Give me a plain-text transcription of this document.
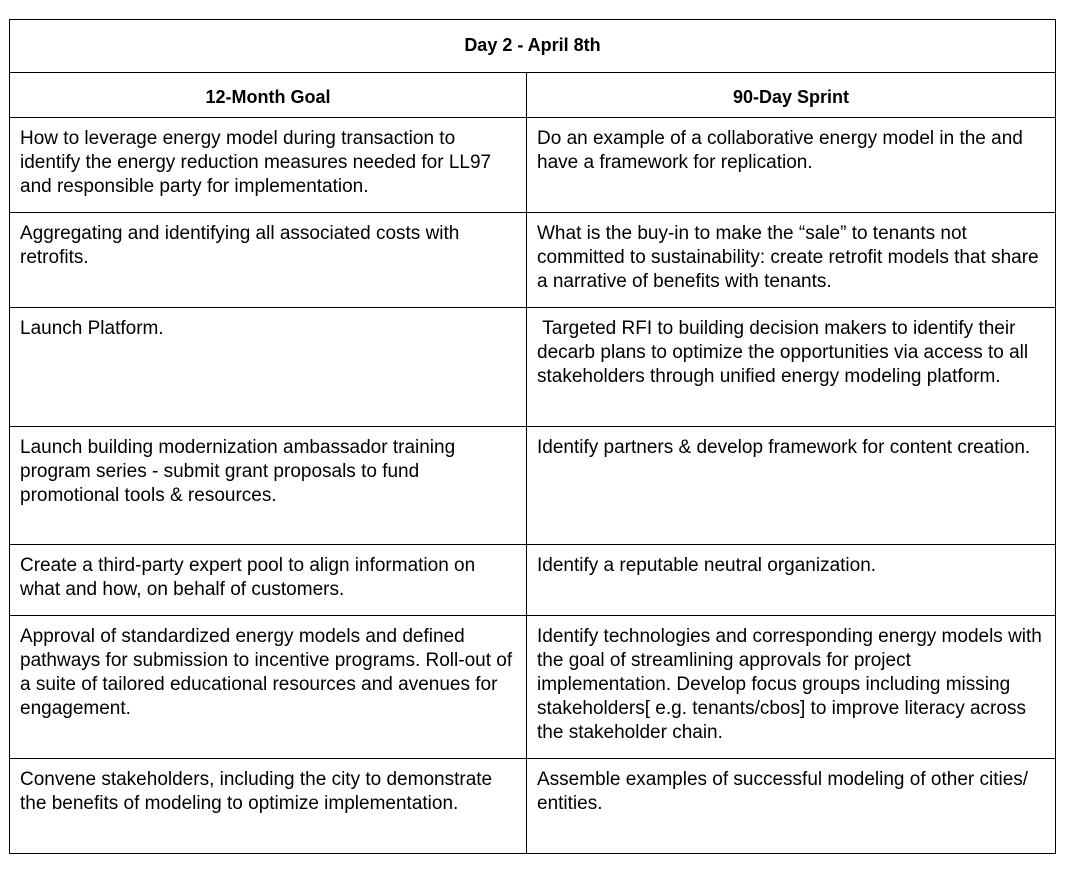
Day 2 - April 8th	
12-Month Goal	90-Day Sprint
How to leverage energy model during transaction to identify the energy reduction measures needed for LL97 and responsible party for implementation.	Do an example of a collaborative energy model in the and have a framework for replication.
Aggregating and identifying all associated costs with retrofits.	What is the buy-in to make the “sale” to tenants not committed to sustainability: create retrofit models that share a narrative of benefits with tenants.
Launch Platform.	Targeted RFI to building decision makers to identify their decarb plans to optimize the opportunities via access to all stakeholders through unified energy modeling platform.
Launch building modernization ambassador training program series - submit grant proposals to fund promotional tools & resources.	Identify partners & develop framework for content creation.
Create a third-party expert pool to align information on what and how, on behalf of customers.	Identify a reputable neutral organization.
Approval of standardized energy models and defined pathways for submission to incentive programs. Roll-out of a suite of tailored educational resources and avenues for engagement.	Identify technologies and corresponding energy models with the goal of streamlining approvals for project implementation. Develop focus groups including missing stakeholders[ e.g. tenants/cbos] to improve literacy across the stakeholder chain.
Convene stakeholders, including the city to demonstrate the benefits of modeling to optimize implementation.	Assemble examples of successful modeling of other cities/ entities.
